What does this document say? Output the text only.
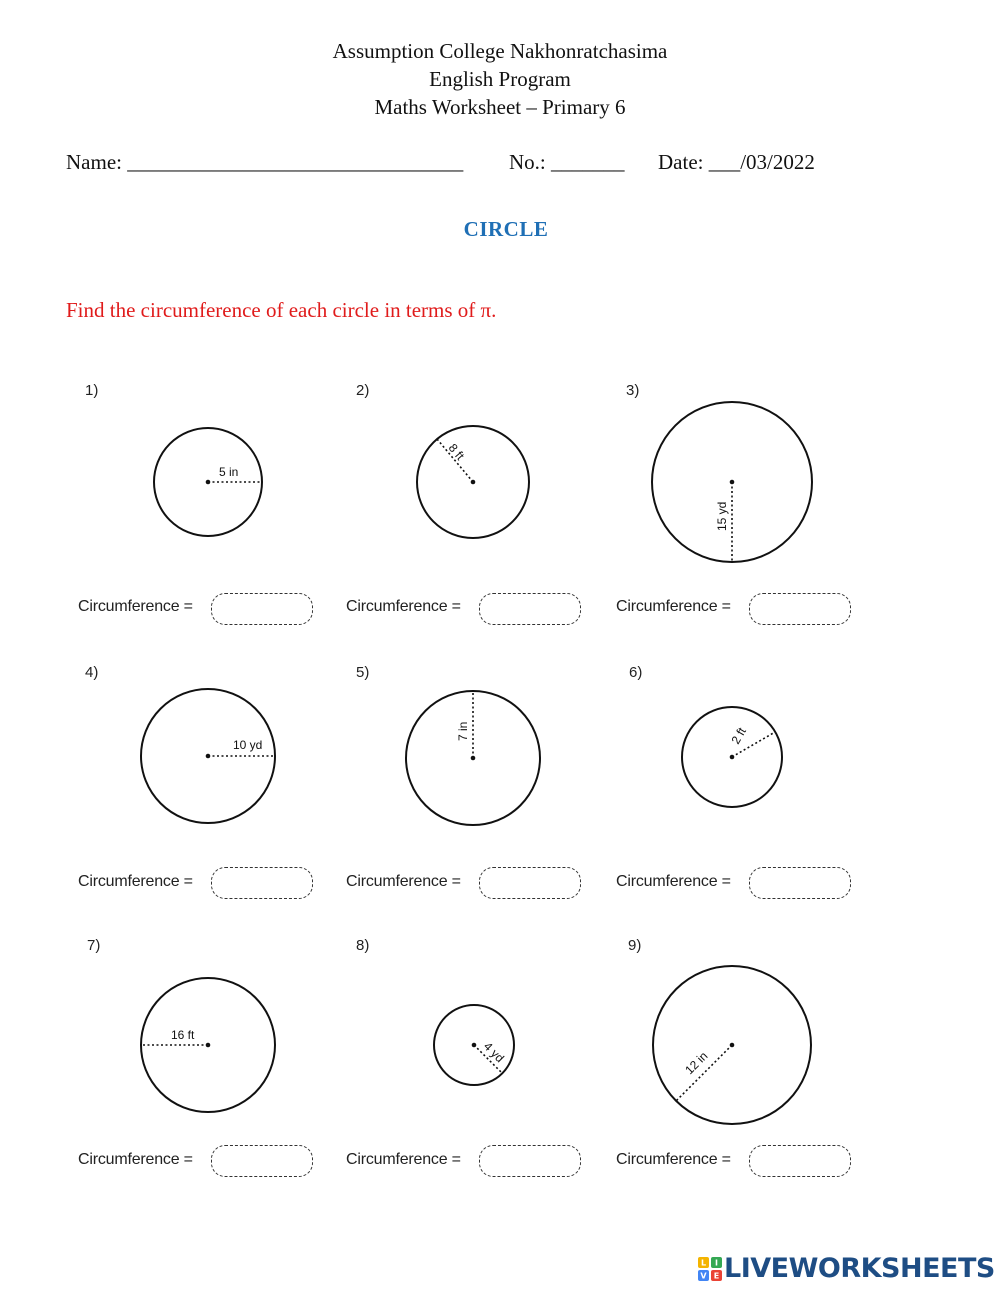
Assumption College Nakhonratchasima
English Program
Maths Worksheet – Primary 6
Name: ________________________________ No.: _______ Date: ___/03/2022
CIRCLE
Find the circumference of each circle in terms of π.
1)	2)	3)
4)	5)	6)
7)	8)	9)
5 in
8 ft
15 yd
10 yd
7 in	2 ft
16 ft
4 yd	12 in
Circumference =	Circumference =	Circumference =
Circumference =	Circumference =	Circumference =
Circumference =	Circumference =	Circumference =
L I
V E LIVEWORKSHEETS
